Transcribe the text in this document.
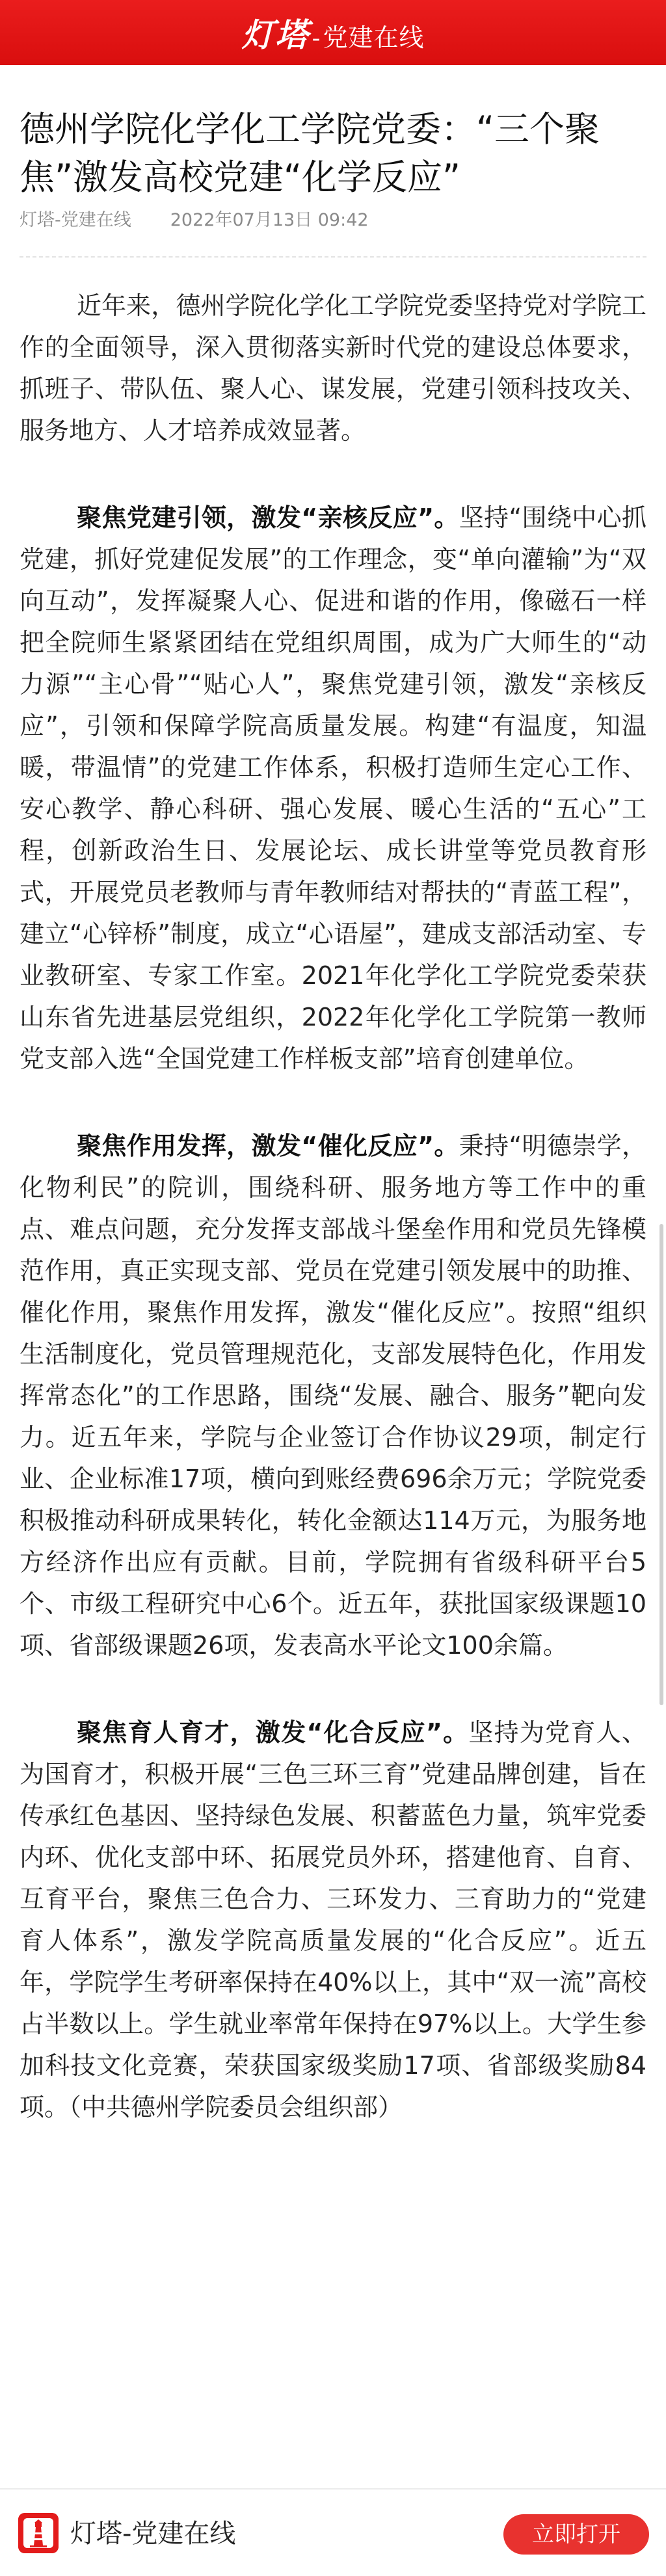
灯塔 - 党建在线
德州学院化学化工学院党委：“三个聚焦”激发高校党建“化学反应”
灯塔-党建在线 2022年07月13日 09:42

近年来，德州学院化学化工学院党委坚持党对学院工作的全面领导，深入贯彻落实新时代党的建设总体要求，抓班子、带队伍、聚人心、谋发展，党建引领科技攻关、服务地方、人才培养成效显著。

聚焦党建引领，激发“亲核反应”。坚持“围绕中心抓党建，抓好党建促发展”的工作理念，变“单向灌输”为“双向互动”，发挥凝聚人心、促进和谐的作用，像磁石一样把全院师生紧紧团结在党组织周围，成为广大师生的“动力源”“主心骨”“贴心人”，聚焦党建引领，激发“亲核反应”，引领和保障学院高质量发展。构建“有温度，知温暖，带温情”的党建工作体系，积极打造师生定心工作、安心教学、静心科研、强心发展、暖心生活的“五心”工程，创新政治生日、发展论坛、成长讲堂等党员教育形式，开展党员老教师与青年教师结对帮扶的“青蓝工程”，建立“心锌桥”制度，成立“心语屋”，建成支部活动室、专业教研室、专家工作室。2021年化学化工学院党委荣获山东省先进基层党组织，2022年化学化工学院第一教师党支部入选“全国党建工作样板支部”培育创建单位。

聚焦作用发挥，激发“催化反应”。秉持“明德崇学，化物利民”的院训，围绕科研、服务地方等工作中的重点、难点问题，充分发挥支部战斗堡垒作用和党员先锋模范作用，真正实现支部、党员在党建引领发展中的助推、催化作用，聚焦作用发挥，激发“催化反应”。按照“组织生活制度化，党员管理规范化，支部发展特色化，作用发挥常态化”的工作思路，围绕“发展、融合、服务”靶向发力。近五年来，学院与企业签订合作协议29项，制定行业、企业标准17项，横向到账经费696余万元；学院党委积极推动科研成果转化，转化金额达114万元，为服务地方经济作出应有贡献。目前，学院拥有省级科研平台5个、市级工程研究中心6个。近五年，获批国家级课题10项、省部级课题26项，发表高水平论文100余篇。

聚焦育人育才，激发“化合反应”。坚持为党育人、为国育才，积极开展“三色三环三育”党建品牌创建，旨在传承红色基因、坚持绿色发展、积蓄蓝色力量，筑牢党委内环、优化支部中环、拓展党员外环，搭建他育、自育、互育平台，聚焦三色合力、三环发力、三育助力的“党建育人体系”，激发学院高质量发展的“化合反应”。近五年，学院学生考研率保持在40%以上，其中“双一流”高校占半数以上。学生就业率常年保持在97%以上。大学生参加科技文化竞赛，荣获国家级奖励17项、省部级奖励84项。（中共德州学院委员会组织部）

灯塔-党建在线	立即打开
